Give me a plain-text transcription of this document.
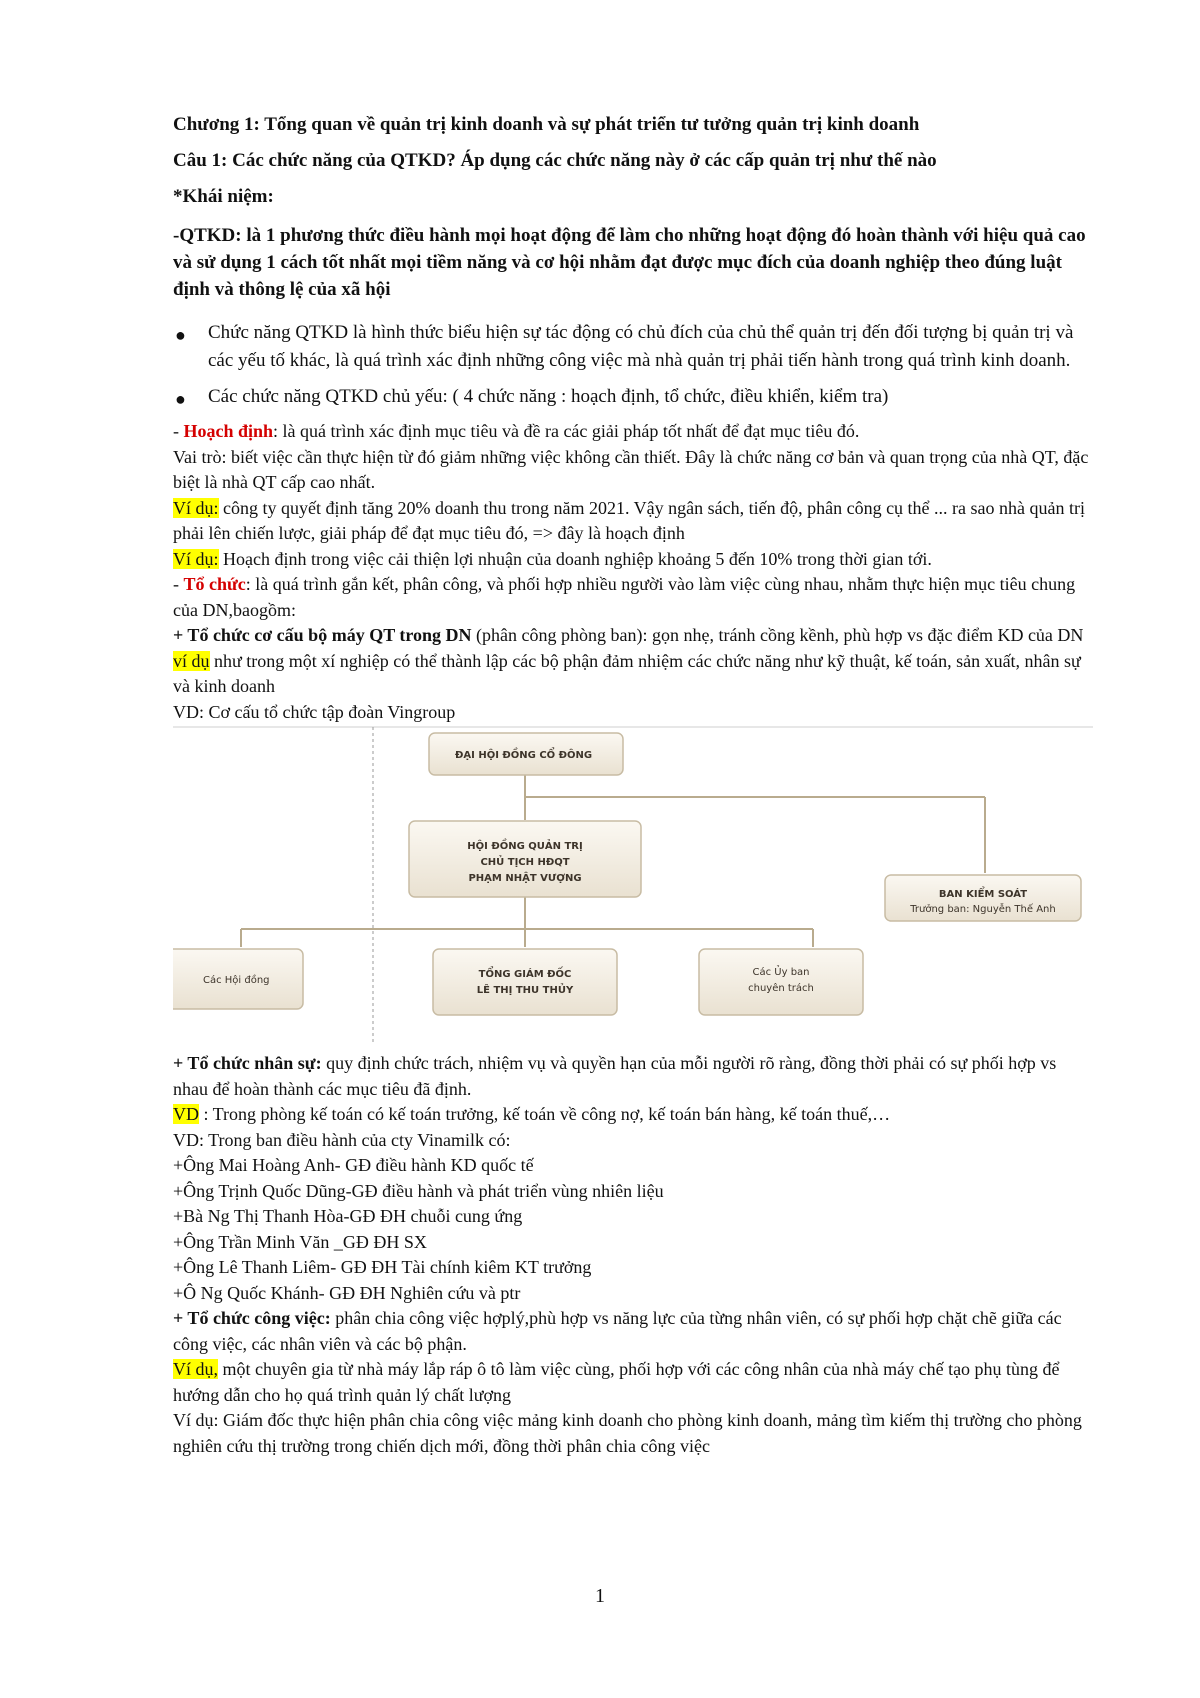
Chương 1: Tổng quan về quản trị kinh doanh và sự phát triển tư tưởng quản trị kinh doanh

Câu 1: Các chức năng của QTKD? Áp dụng các chức năng này ở các cấp quản trị như thế nào

*Khái niệm:

-QTKD: là 1 phương thức điều hành mọi hoạt động để làm cho những hoạt động đó hoàn thành với hiệu quả cao và sử dụng 1 cách tốt nhất mọi tiềm năng và cơ hội nhằm đạt được mục đích của doanh nghiệp theo đúng luật định và thông lệ của xã hội

● Chức năng QTKD là hình thức biểu hiện sự tác động có chủ đích của chủ thể quản trị đến đối tượng bị quản trị và các yếu tố khác, là quá trình xác định những công việc mà nhà quản trị phải tiến hành trong quá trình kinh doanh.
● Các chức năng QTKD chủ yếu: ( 4 chức năng : hoạch định, tổ chức, điều khiển, kiểm tra)

- Hoạch định: là quá trình xác định mục tiêu và đề ra các giải pháp tốt nhất để đạt mục tiêu đó.

Vai trò: biết việc cần thực hiện từ đó giảm những việc không cần thiết. Đây là chức năng cơ bản và quan trọng của nhà QT, đặc biệt là nhà QT cấp cao nhất.

Ví dụ: công ty quyết định tăng 20% doanh thu trong năm 2021. Vậy ngân sách, tiến độ, phân công cụ thể ... ra sao nhà quản trị phải lên chiến lược, giải pháp để đạt mục tiêu đó, => đây là hoạch định

Ví dụ: Hoạch định trong việc cải thiện lợi nhuận của doanh nghiệp khoảng 5 đến 10% trong thời gian tới.

- Tổ chức: là quá trình gắn kết, phân công, và phối hợp nhiều người vào làm việc cùng nhau, nhằm thực hiện mục tiêu chung của DN,baogồm:

+ Tổ chức cơ cấu bộ máy QT trong DN (phân công phòng ban): gọn nhẹ, tránh cồng kềnh, phù hợp vs đặc điểm KD của DN

ví dụ như trong một xí nghiệp có thể thành lập các bộ phận đảm nhiệm các chức năng như kỹ thuật, kế toán, sản xuất, nhân sự và kinh doanh

VD: Cơ cấu tổ chức tập đoàn Vingroup

ĐẠI HỘI ĐỒNG CỔ ĐÔNG
HỘI ĐỒNG QUẢN TRỊ
CHỦ TỊCH HĐQT
PHẠM NHẬT VƯỢNG
BAN KIỂM SOÁT
Trưởng ban: Nguyễn Thế Anh
Các Hội đồng
TỔNG GIÁM ĐỐC
LÊ THỊ THU THỦY
Các Ủy ban
chuyên trách

+ Tổ chức nhân sự: quy định chức trách, nhiệm vụ và quyền hạn của mỗi người rõ ràng, đồng thời phải có sự phối hợp vs nhau để hoàn thành các mục tiêu đã định.

VD : Trong phòng kế toán có kế toán trưởng, kế toán về công nợ, kế toán bán hàng, kế toán thuế,…

VD: Trong ban điều hành của cty Vinamilk có:

+Ông Mai Hoàng Anh- GĐ điều hành KD quốc tế

+Ông Trịnh Quốc Dũng-GĐ điều hành và phát triển vùng nhiên liệu

+Bà Ng Thị Thanh Hòa-GĐ ĐH chuỗi cung ứng

+Ông Trần Minh Văn _GĐ ĐH SX

+Ông Lê Thanh Liêm- GĐ ĐH Tài chính kiêm KT trưởng

+Ô Ng Quốc Khánh- GĐ ĐH Nghiên cứu và ptr

+ Tổ chức công việc: phân chia công việc hợplý,phù hợp vs năng lực của từng nhân viên, có sự phối hợp chặt chẽ giữa các công việc, các nhân viên và các bộ phận.

Ví dụ, một chuyên gia từ nhà máy lắp ráp ô tô làm việc cùng, phối hợp với các công nhân của nhà máy chế tạo phụ tùng để hướng dẫn cho họ quá trình quản lý chất lượng

Ví dụ: Giám đốc thực hiện phân chia công việc mảng kinh doanh cho phòng kinh doanh, mảng tìm kiếm thị trường cho phòng nghiên cứu thị trường trong chiến dịch mới, đồng thời phân chia công việc

1
